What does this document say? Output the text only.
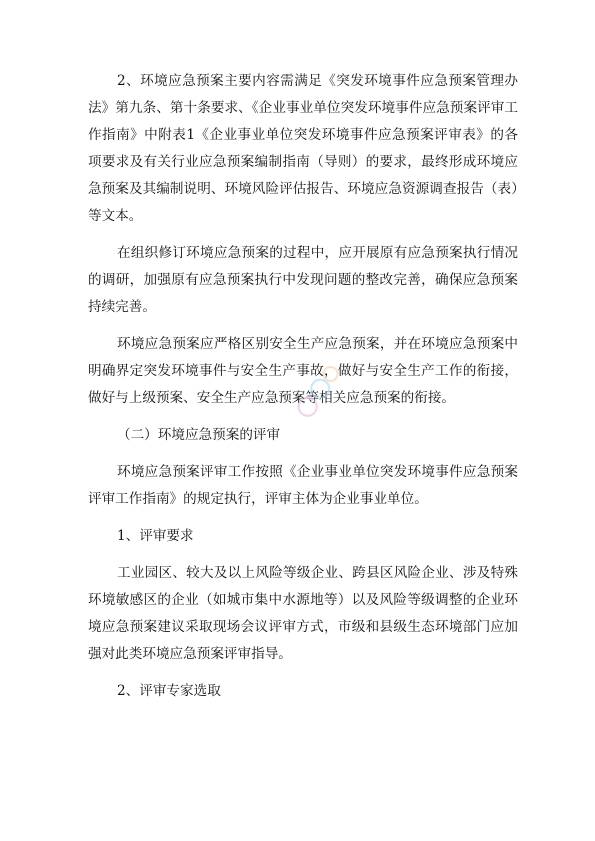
2、环境应急预案主要内容需满足《突发环境事件应急预案管理办法》第九条、第十条要求、《企业事业单位突发环境事件应急预案评审工作指南》中附表1《企业事业单位突发环境事件应急预案评审表》的各项要求及有关行业应急预案编制指南（导则）的要求，最终形成环境应急预案及其编制说明、环境风险评估报告、环境应急资源调查报告（表）等文本。

在组织修订环境应急预案的过程中，应开展原有应急预案执行情况的调研，加强原有应急预案执行中发现问题的整改完善，确保应急预案持续完善。

环境应急预案应严格区别安全生产应急预案，并在环境应急预案中明确界定突发环境事件与安全生产事故，做好与安全生产工作的衔接，做好与上级预案、安全生产应急预案等相关应急预案的衔接。

（二）环境应急预案的评审

环境应急预案评审工作按照《企业事业单位突发环境事件应急预案评审工作指南》的规定执行，评审主体为企业事业单位。

1、评审要求

工业园区、较大及以上风险等级企业、跨县区风险企业、涉及特殊环境敏感区的企业（如城市集中水源地等）以及风险等级调整的企业环境应急预案建议采取现场会议评审方式，市级和县级生态环境部门应加强对此类环境应急预案评审指导。

2、评审专家选取
